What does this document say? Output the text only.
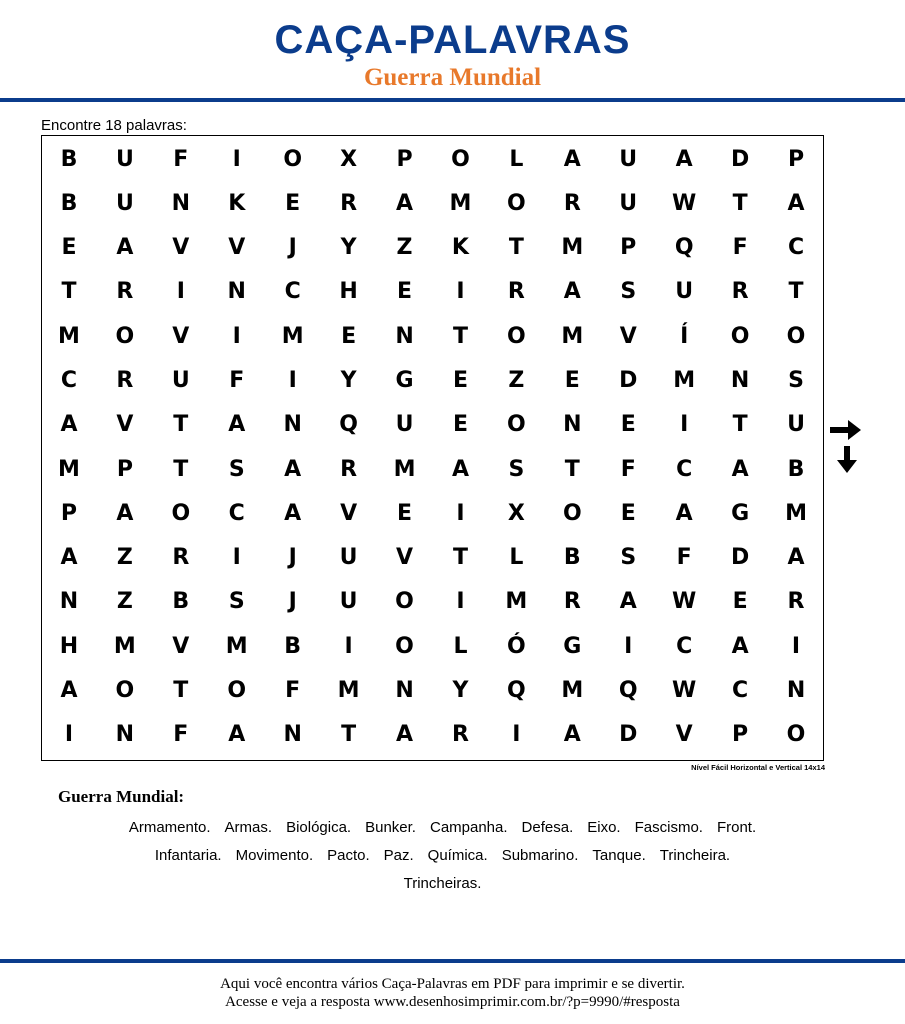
CAÇA-PALAVRAS
Guerra Mundial
Encontre 18 palavras:
B	U	F	I	O	X	P	O	L	A	U	A	D	P
B	U	N	K	E	R	A	M	O	R	U	W	T	A
E	A	V	V	J	Y	Z	K	T	M	P	Q	F	C
T	R	I	N	C	H	E	I	R	A	S	U	R	T
M	O	V	I	M	E	N	T	O	M	V	Í	O	O
C	R	U	F	I	Y	G	E	Z	E	D	M	N	S
A	V	T	A	N	Q	U	E	O	N	E	I	T	U
M	P	T	S	A	R	M	A	S	T	F	C	A	B
P	A	O	C	A	V	E	I	X	O	E	A	G	M
A	Z	R	I	J	U	V	T	L	B	S	F	D	A
N	Z	B	S	J	U	O	I	M	R	A	W	E	R
H	M	V	M	B	I	O	L	Ó	G	I	C	A	I
A	O	T	O	F	M	N	Y	Q	M	Q	W	C	N
I	N	F	A	N	T	A	R	I	A	D	V	P	O
Nível Fácil Horizontal e Vertical 14x14
Guerra Mundial:
Armamento. Armas. Biológica. Bunker. Campanha. Defesa. Eixo. Fascismo. Front.
Infantaria. Movimento. Pacto. Paz. Química. Submarino. Tanque. Trincheira.
Trincheiras.
Aqui você encontra vários Caça-Palavras em PDF para imprimir e se divertir.
Acesse e veja a resposta www.desenhosimprimir.com.br/?p=9990/#resposta
